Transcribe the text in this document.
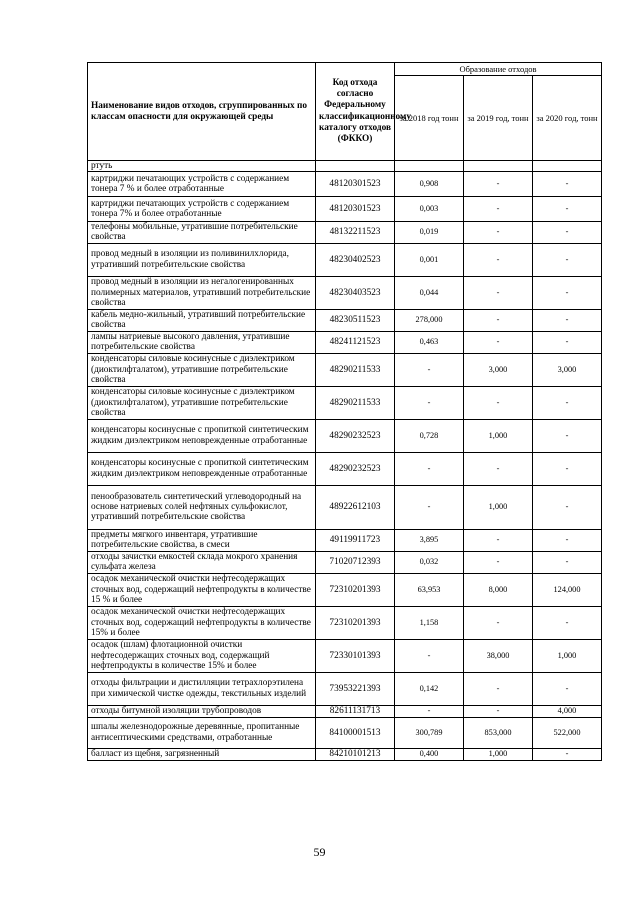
Наименование видов отходов, сгруппированных по классам опасности для окружающей среды	Код отхода согласно Федеральному классификационному каталогу отходов (ФККО)	Образование отходов		
		за 2018 год тонн	за 2019 год, тонн	за 2020 год, тонн
ртуть				
картриджи печатающих устройств с содержанием тонера 7 % и более отработанные	48120301523	0,908	-	-
картриджи печатающих устройств с содержанием тонера 7% и более отработанные	48120301523	0,003	-	-
телефоны мобильные, утратившие потребительские свойства	48132211523	0,019	-	-
провод медный в изоляции из поливинилхлорида, утративший потребительские свойства	48230402523	0,001	-	-
провод медный в изоляции из негалогенированных полимерных материалов, утративший потребительские свойства	48230403523	0,044	-	-
кабель медно-жильный, утративший потребительские свойства	48230511523	278,000	-	-
лампы натриевые высокого давления, утратившие потребительские свойства	48241121523	0,463	-	-
конденсаторы силовые косинусные с диэлектриком (диоктилфталатом), утратившие потребительские свойства	48290211533	-	3,000	3,000
конденсаторы силовые косинусные с диэлектриком (диоктилфталатом), утратившие потребительские свойства	48290211533	-	-	-
конденсаторы косинусные с пропиткой синтетическим жидким диэлектриком неповрежденные отработанные	48290232523	0,728	1,000	-
конденсаторы косинусные с пропиткой синтетическим жидким диэлектриком неповрежденные отработанные	48290232523	-	-	-
пенообразователь синтетический углеводородный на основе натриевых солей нефтяных сульфокислот, утративший потребительские свойства	48922612103	-	1,000	-
предметы мягкого инвентаря, утратившие потребительские свойства, в смеси	49119911723	3,895	-	-
отходы зачистки емкостей склада мокрого хранения сульфата железа	71020712393	0,032	-	-
осадок механической очистки нефтесодержащих сточных вод, содержащий нефтепродукты в количестве 15 % и более	72310201393	63,953	8,000	124,000
осадок механической очистки нефтесодержащих сточных вод, содержащий нефтепродукты в количестве 15% и более	72310201393	1,158	-	-
осадок (шлам) флотационной очистки нефтесодержащих сточных вод, содержащий нефтепродукты в количестве 15% и более	72330101393	-	38,000	1,000
отходы фильтрации и дистилляции тетрахлорэтилена при химической чистке одежды, текстильных изделий	73953221393	0,142	-	-
отходы битумной изоляции трубопроводов	82611131713	-	-	4,000
шпалы железнодорожные деревянные, пропитанные антисептическими средствами, отработанные	84100001513	300,789	853,000	522,000
балласт из щебня, загрязненный	84210101213	0,400	1,000	-
59
